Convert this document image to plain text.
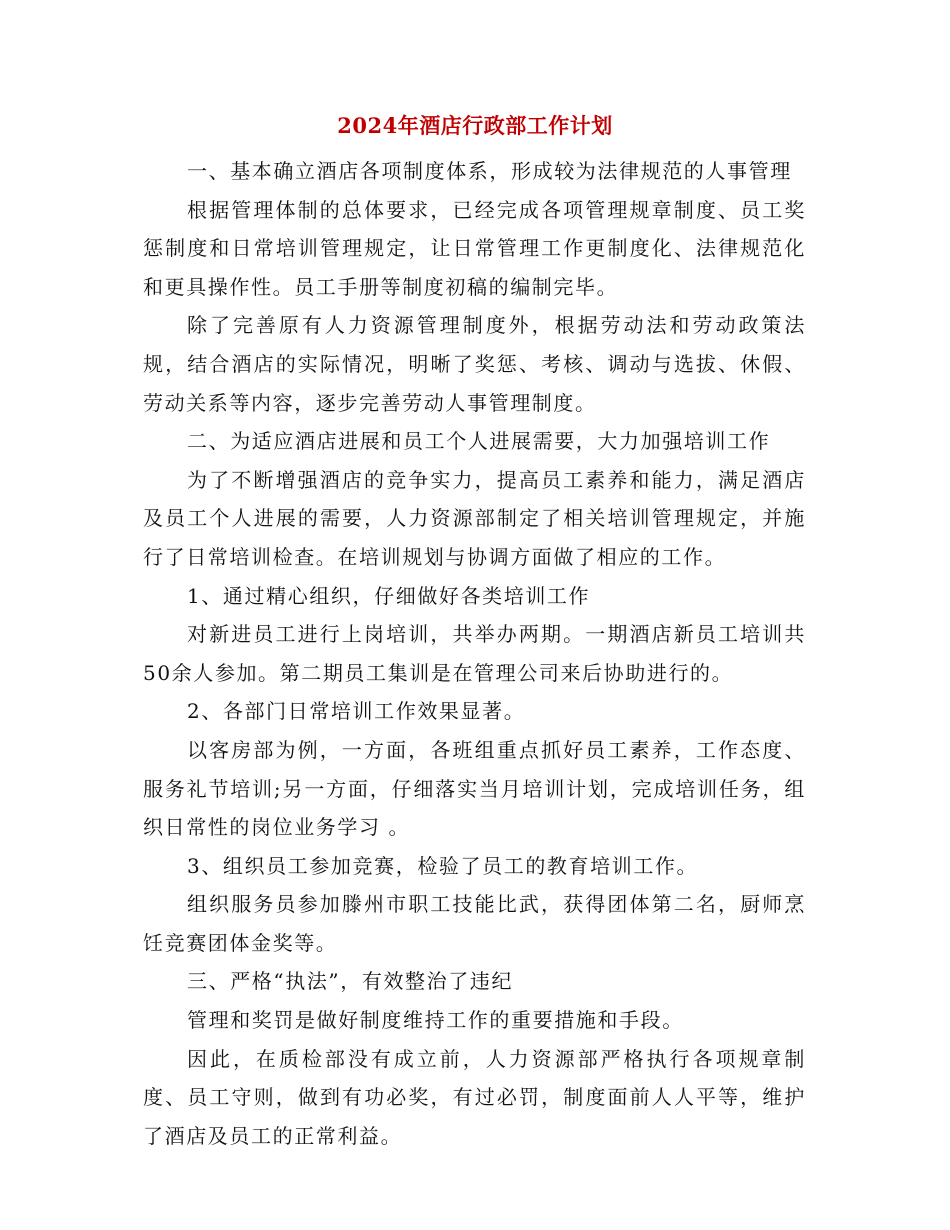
2024年酒店行政部工作计划

一、基本确立酒店各项制度体系，形成较为法律规范的人事管理

根据管理体制的总体要求，已经完成各项管理规章制度、员工奖惩制度和日常培训管理规定，让日常管理工作更制度化、法律规范化和更具操作性。员工手册等制度初稿的编制完毕。

除了完善原有人力资源管理制度外，根据劳动法和劳动政策法规，结合酒店的实际情况，明晰了奖惩、考核、调动与选拔、休假、劳动关系等内容，逐步完善劳动人事管理制度。

二、为适应酒店进展和员工个人进展需要，大力加强培训工作

为了不断增强酒店的竞争实力，提高员工素养和能力，满足酒店及员工个人进展的需要，人力资源部制定了相关培训管理规定，并施行了日常培训检查。在培训规划与协调方面做了相应的工作。

1、通过精心组织，仔细做好各类培训工作

对新进员工进行上岗培训，共举办两期。一期酒店新员工培训共50余人参加。第二期员工集训是在管理公司来后协助进行的。

2、各部门日常培训工作效果显著。

以客房部为例，一方面，各班组重点抓好员工素养，工作态度、服务礼节培训;另一方面，仔细落实当月培训计划，完成培训任务，组织日常性的岗位业务学习 。

3、组织员工参加竞赛，检验了员工的教育培训工作。

组织服务员参加滕州市职工技能比武，获得团体第二名，厨师烹饪竞赛团体金奖等。

三、严格“执法”，有效整治了违纪

管理和奖罚是做好制度维持工作的重要措施和手段。

因此，在质检部没有成立前，人力资源部严格执行各项规章制度、员工守则，做到有功必奖，有过必罚，制度面前人人平等，维护了酒店及员工的正常利益。
